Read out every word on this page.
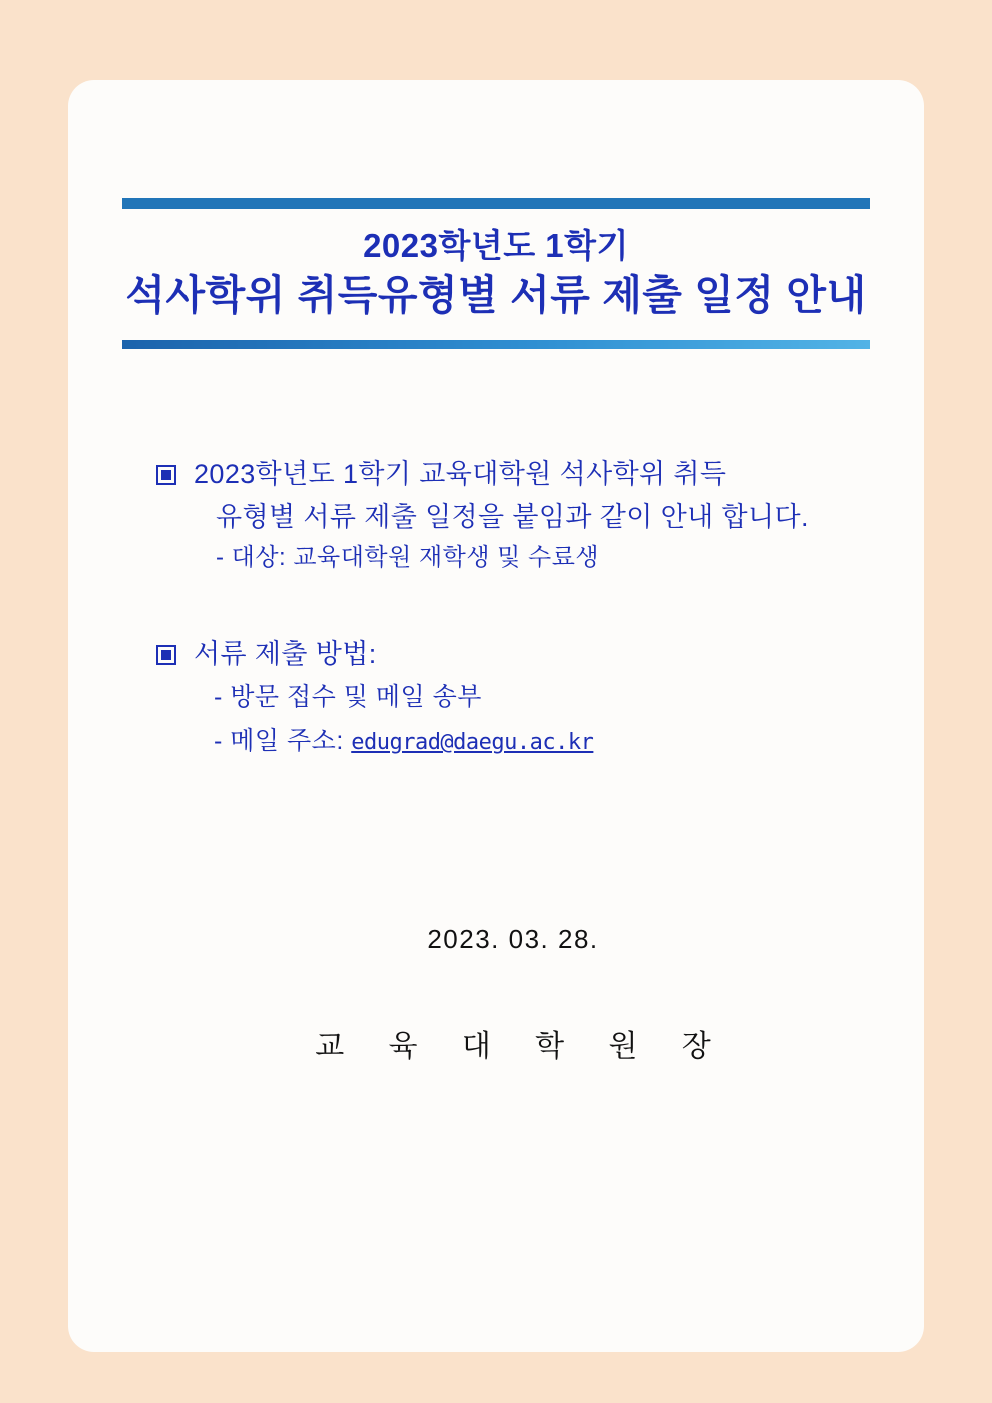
2023학년도 1학기
석사학위 취득유형별 서류 제출 일정 안내
2023학년도 1학기 교육대학원 석사학위 취득
유형별 서류 제출 일정을 붙임과 같이 안내 합니다.
- 대상: 교육대학원 재학생 및 수료생
서류 제출 방법:
- 방문 접수 및 메일 송부
- 메일 주소: edugrad@daegu.ac.kr
2023. 03. 28.
교 육 대 학 원 장
